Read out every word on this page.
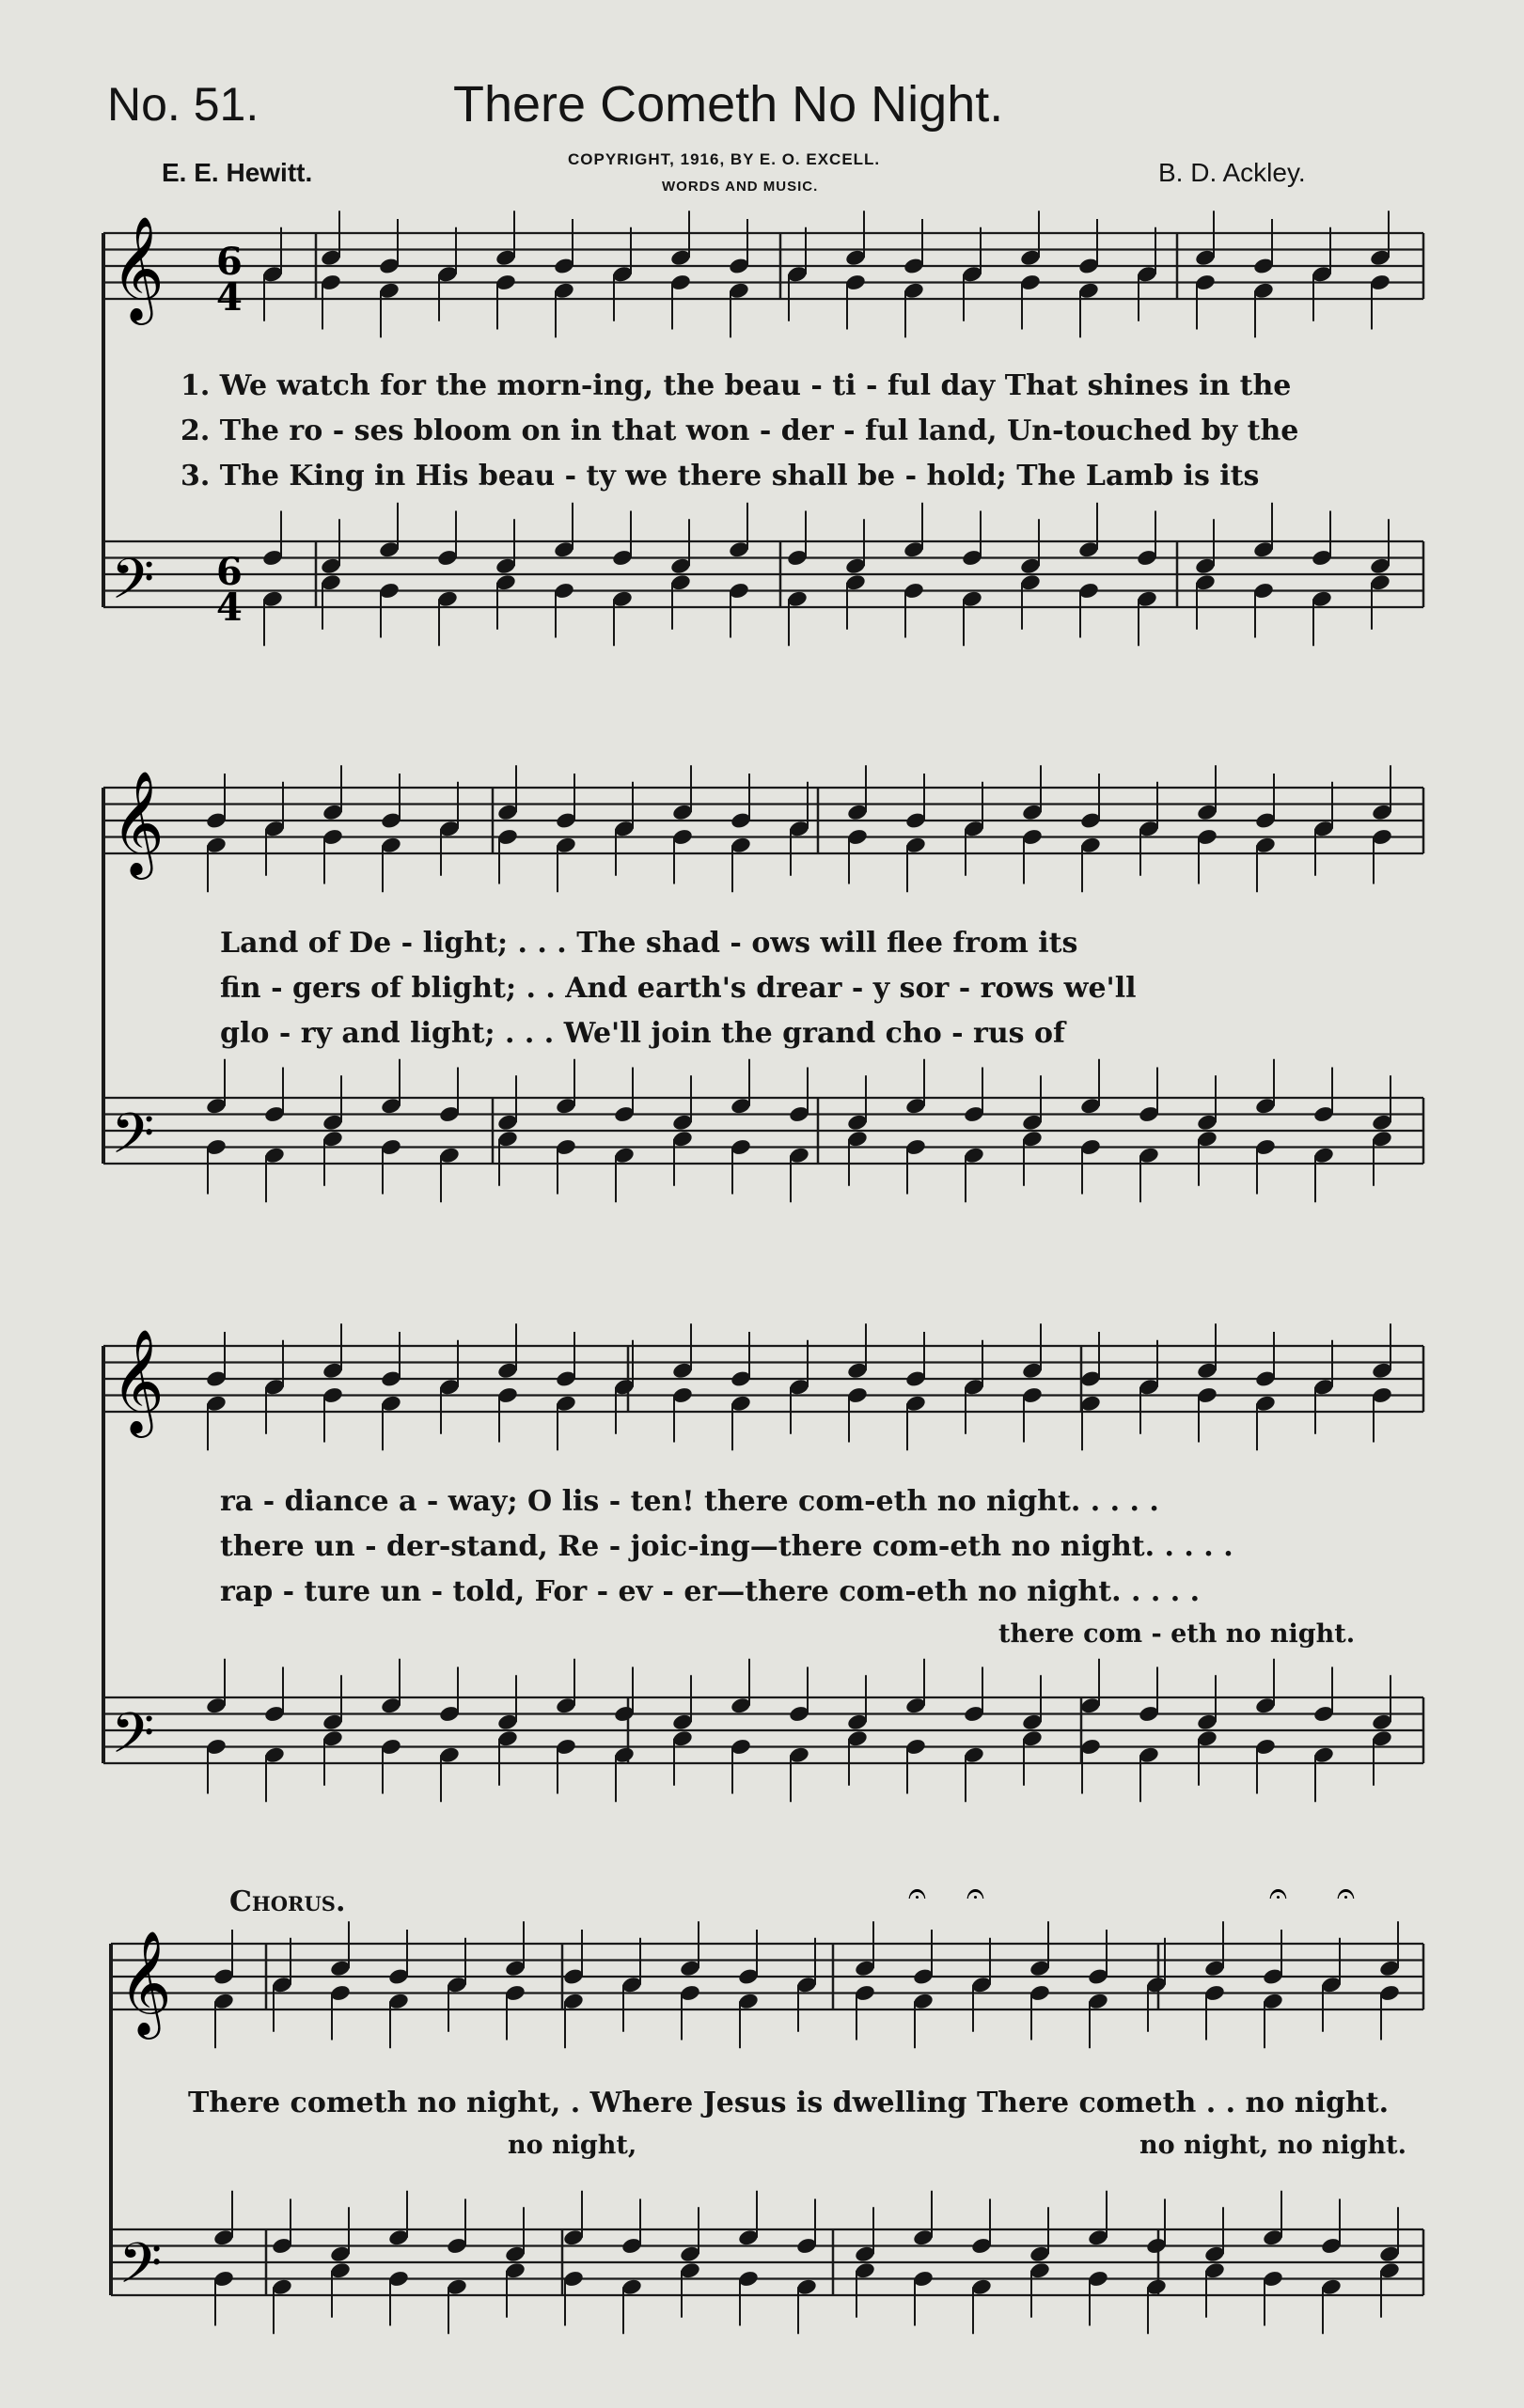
No. 51.	There Cometh No Night.
E. E. Hewitt.	COPYRIGHT, 1916, BY E. O. EXCELL.
WORDS AND MUSIC.	B. D. Ackley.
Chorus.
1. We watch for the morn-ing, the beau - ti - ful day That shines in the
2. The ro - ses bloom on in that won - der - ful land, Un-touched by the
3. The King in His beau - ty we there shall be - hold; The Lamb is its
Land of De - light; . . . The shad - ows will flee from its
fin - gers of blight; . . And earth's drear - y sor - rows we'll
glo - ry and light; . . . We'll join the grand cho - rus of
ra - diance a - way; O lis - ten! there com-eth no night. . . . .
there un - der-stand, Re - joic-ing—there com-eth no night. . . . .
rap - ture un - told, For - ev - er—there com-eth no night. . . . .
there com - eth no night.
There cometh no night, . Where Jesus is dwelling There cometh . . no night.
no night,	no night, no night.
𝄞
𝄢
6
4
6
4
𝄞
𝄢
𝄞
𝄢
𝄞
𝄢
𝄐 𝄐	𝄐 𝄐
